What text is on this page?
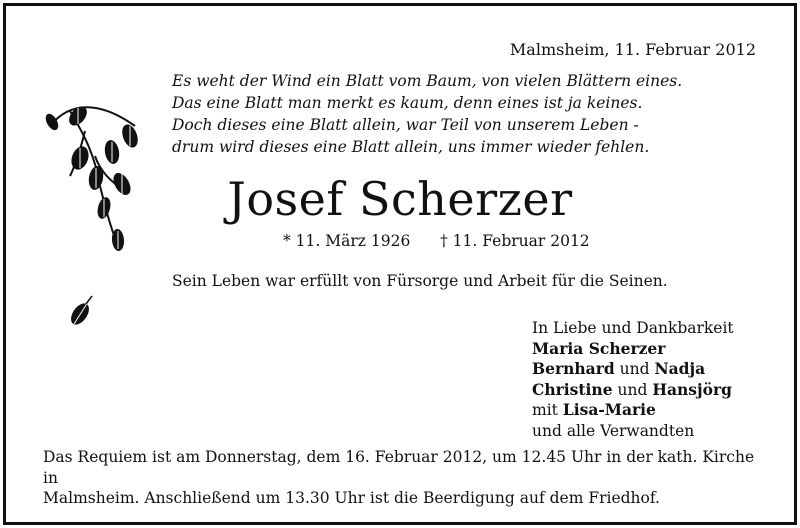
Malmsheim, 11. Februar 2012
Es weht der Wind ein Blatt vom Baum, von vielen Blättern eines.
Das eine Blatt man merkt es kaum, denn eines ist ja keines.
Doch dieses eine Blatt allein, war Teil von unserem Leben -
drum wird dieses eine Blatt allein, uns immer wieder fehlen.
Josef Scherzer
* 11. März 1926 † 11. Februar 2012
Sein Leben war erfüllt von Fürsorge und Arbeit für die Seinen.
In Liebe und Dankbarkeit
Maria Scherzer
Bernhard und Nadja
Christine und Hansjörg
mit Lisa-Marie
und alle Verwandten
Das Requiem ist am Donnerstag, dem 16. Februar 2012, um 12.45 Uhr in der kath. Kirche in
Malmsheim. Anschließend um 13.30 Uhr ist die Beerdigung auf dem Friedhof.
